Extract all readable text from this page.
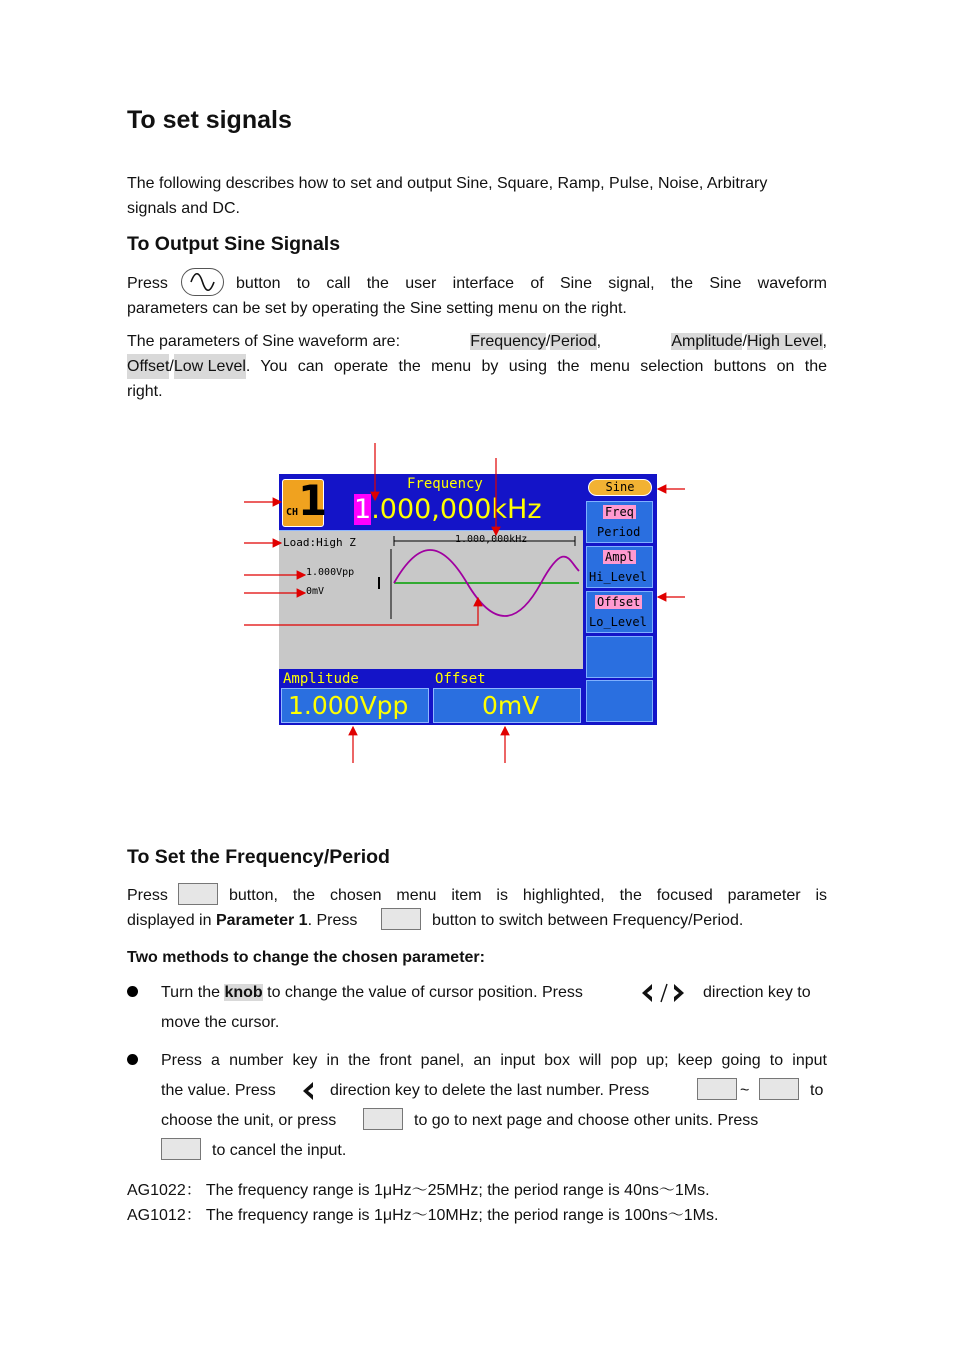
To set signals
The following describes how to set and output Sine, Square, Ramp, Pulse, Noise, Arbitrary
signals and DC.
To Output Sine Signals
Press	button to call the user interface of Sine signal, the Sine waveform
parameters can be set by operating the Sine setting menu on the right.
The parameters of Sine waveform are:	Frequency/Period,	Amplitude/High Level,
Offset / Low Level . You can operate the menu by using the menu selection buttons on the
right.
CH 1	Frequency
1.000,000kHz
Load:High Z
1.000Vpp
0mV
1.000,000kHz
Amplitude
1.000Vpp
Offset
0mV
Sine
Freq
Period
Ampl
Hi_Level
Offset
Lo_Level
To Set the Frequency/Period
Press	button, the chosen menu item is highlighted, the focused parameter is
displayed in Parameter 1. Press	button to switch between Frequency/Period.
Two methods to change the chosen parameter:
Turn the knob to change the value of cursor position. Press	direction key to
move the cursor.
Press a number key in the front panel, an input box will pop up; keep going to input
the value. Press	direction key to delete the last number. Press	~	to
choose the unit, or press	to go to next page and choose other units. Press
to cancel the input.
AG1022： The frequency range is 1μHz～25MHz; the period range is 40ns～1Ms.
AG1012： The frequency range is 1μHz～10MHz; the period range is 100ns～1Ms.
